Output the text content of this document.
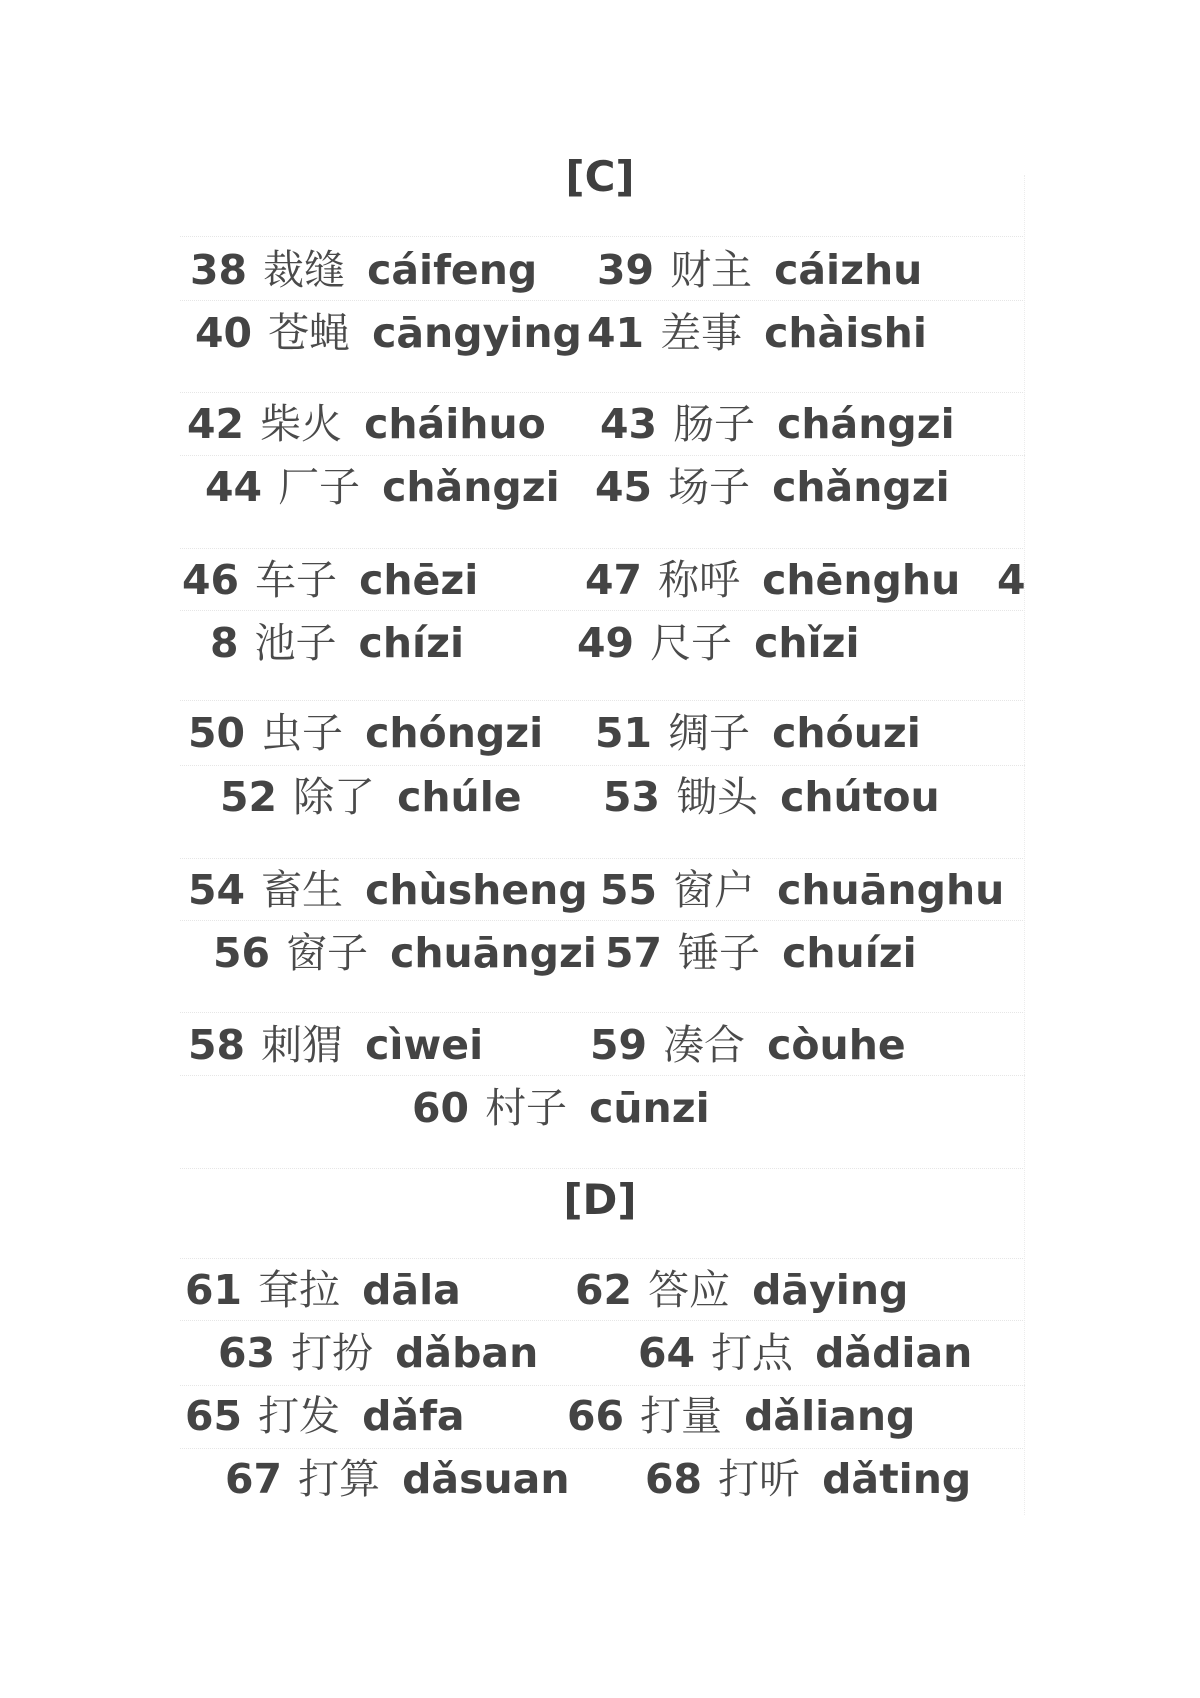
[C]
38 裁缝 cáifeng 39 财主 cáizhu
40 苍蝇 cāngying 41 差事 chàishi
42 柴火 cháihuo 43 肠子 chángzi
44 厂子 chǎngzi 45 场子 chǎngzi
46 车子 chēzi	47 称呼 chēnghu 4
8 池子 chízi	49 尺子 chǐzi
50 虫子 chóngzi 51 绸子 chóuzi
52 除了 chúle 53 锄头 chútou
54 畜生 chùsheng 55 窗户 chuānghu
56 窗子 chuāngzi 57 锤子 chuízi
58 刺猬 cìwei	59 凑合 còuhe
60 村子 cūnzi
[D]
61 耷拉 dāla	62 答应 dāying
63 打扮 dǎban 64 打点 dǎdian
65 打发 dǎfa 66 打量 dǎliang
67 打算 dǎsuan 68 打听 dǎting
